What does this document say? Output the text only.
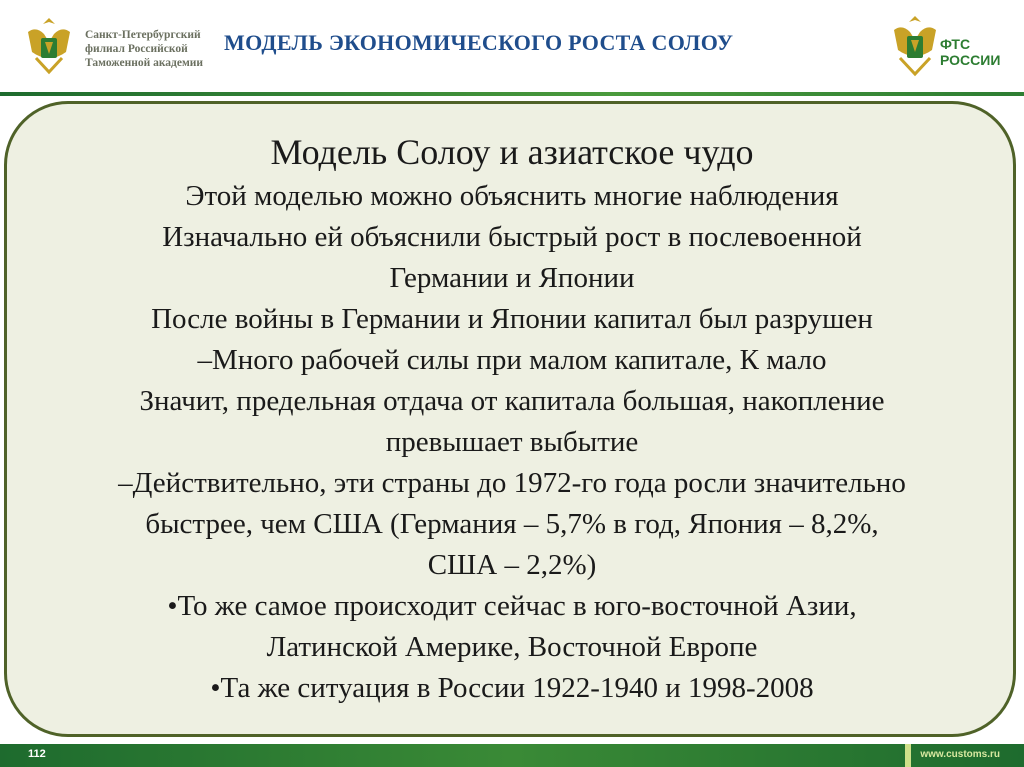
Санкт-Петербургский
филиал Российской
Таможенной академии
МОДЕЛЬ ЭКОНОМИЧЕСКОГО РОСТА СОЛОУ	ФТС
РОССИИ
Модель Солоу и азиатское чудо
Этой моделью можно объяснить многие наблюдения
Изначально ей объяснили быстрый рост в послевоенной
Германии и Японии
После войны в Германии и Японии капитал был разрушен
–Много рабочей силы при малом капитале, К мало
Значит, предельная отдача от капитала большая, накопление
превышает выбытие
–Действительно, эти страны до 1972-го года росли значительно
быстрее, чем США (Германия – 5,7% в год, Япония – 8,2%,
США – 2,2%)
•То же самое происходит сейчас в юго-восточной Азии,
Латинской Америке, Восточной Европе
•Та же ситуация в России 1922-1940 и 1998-2008
112	www.customs.ru
